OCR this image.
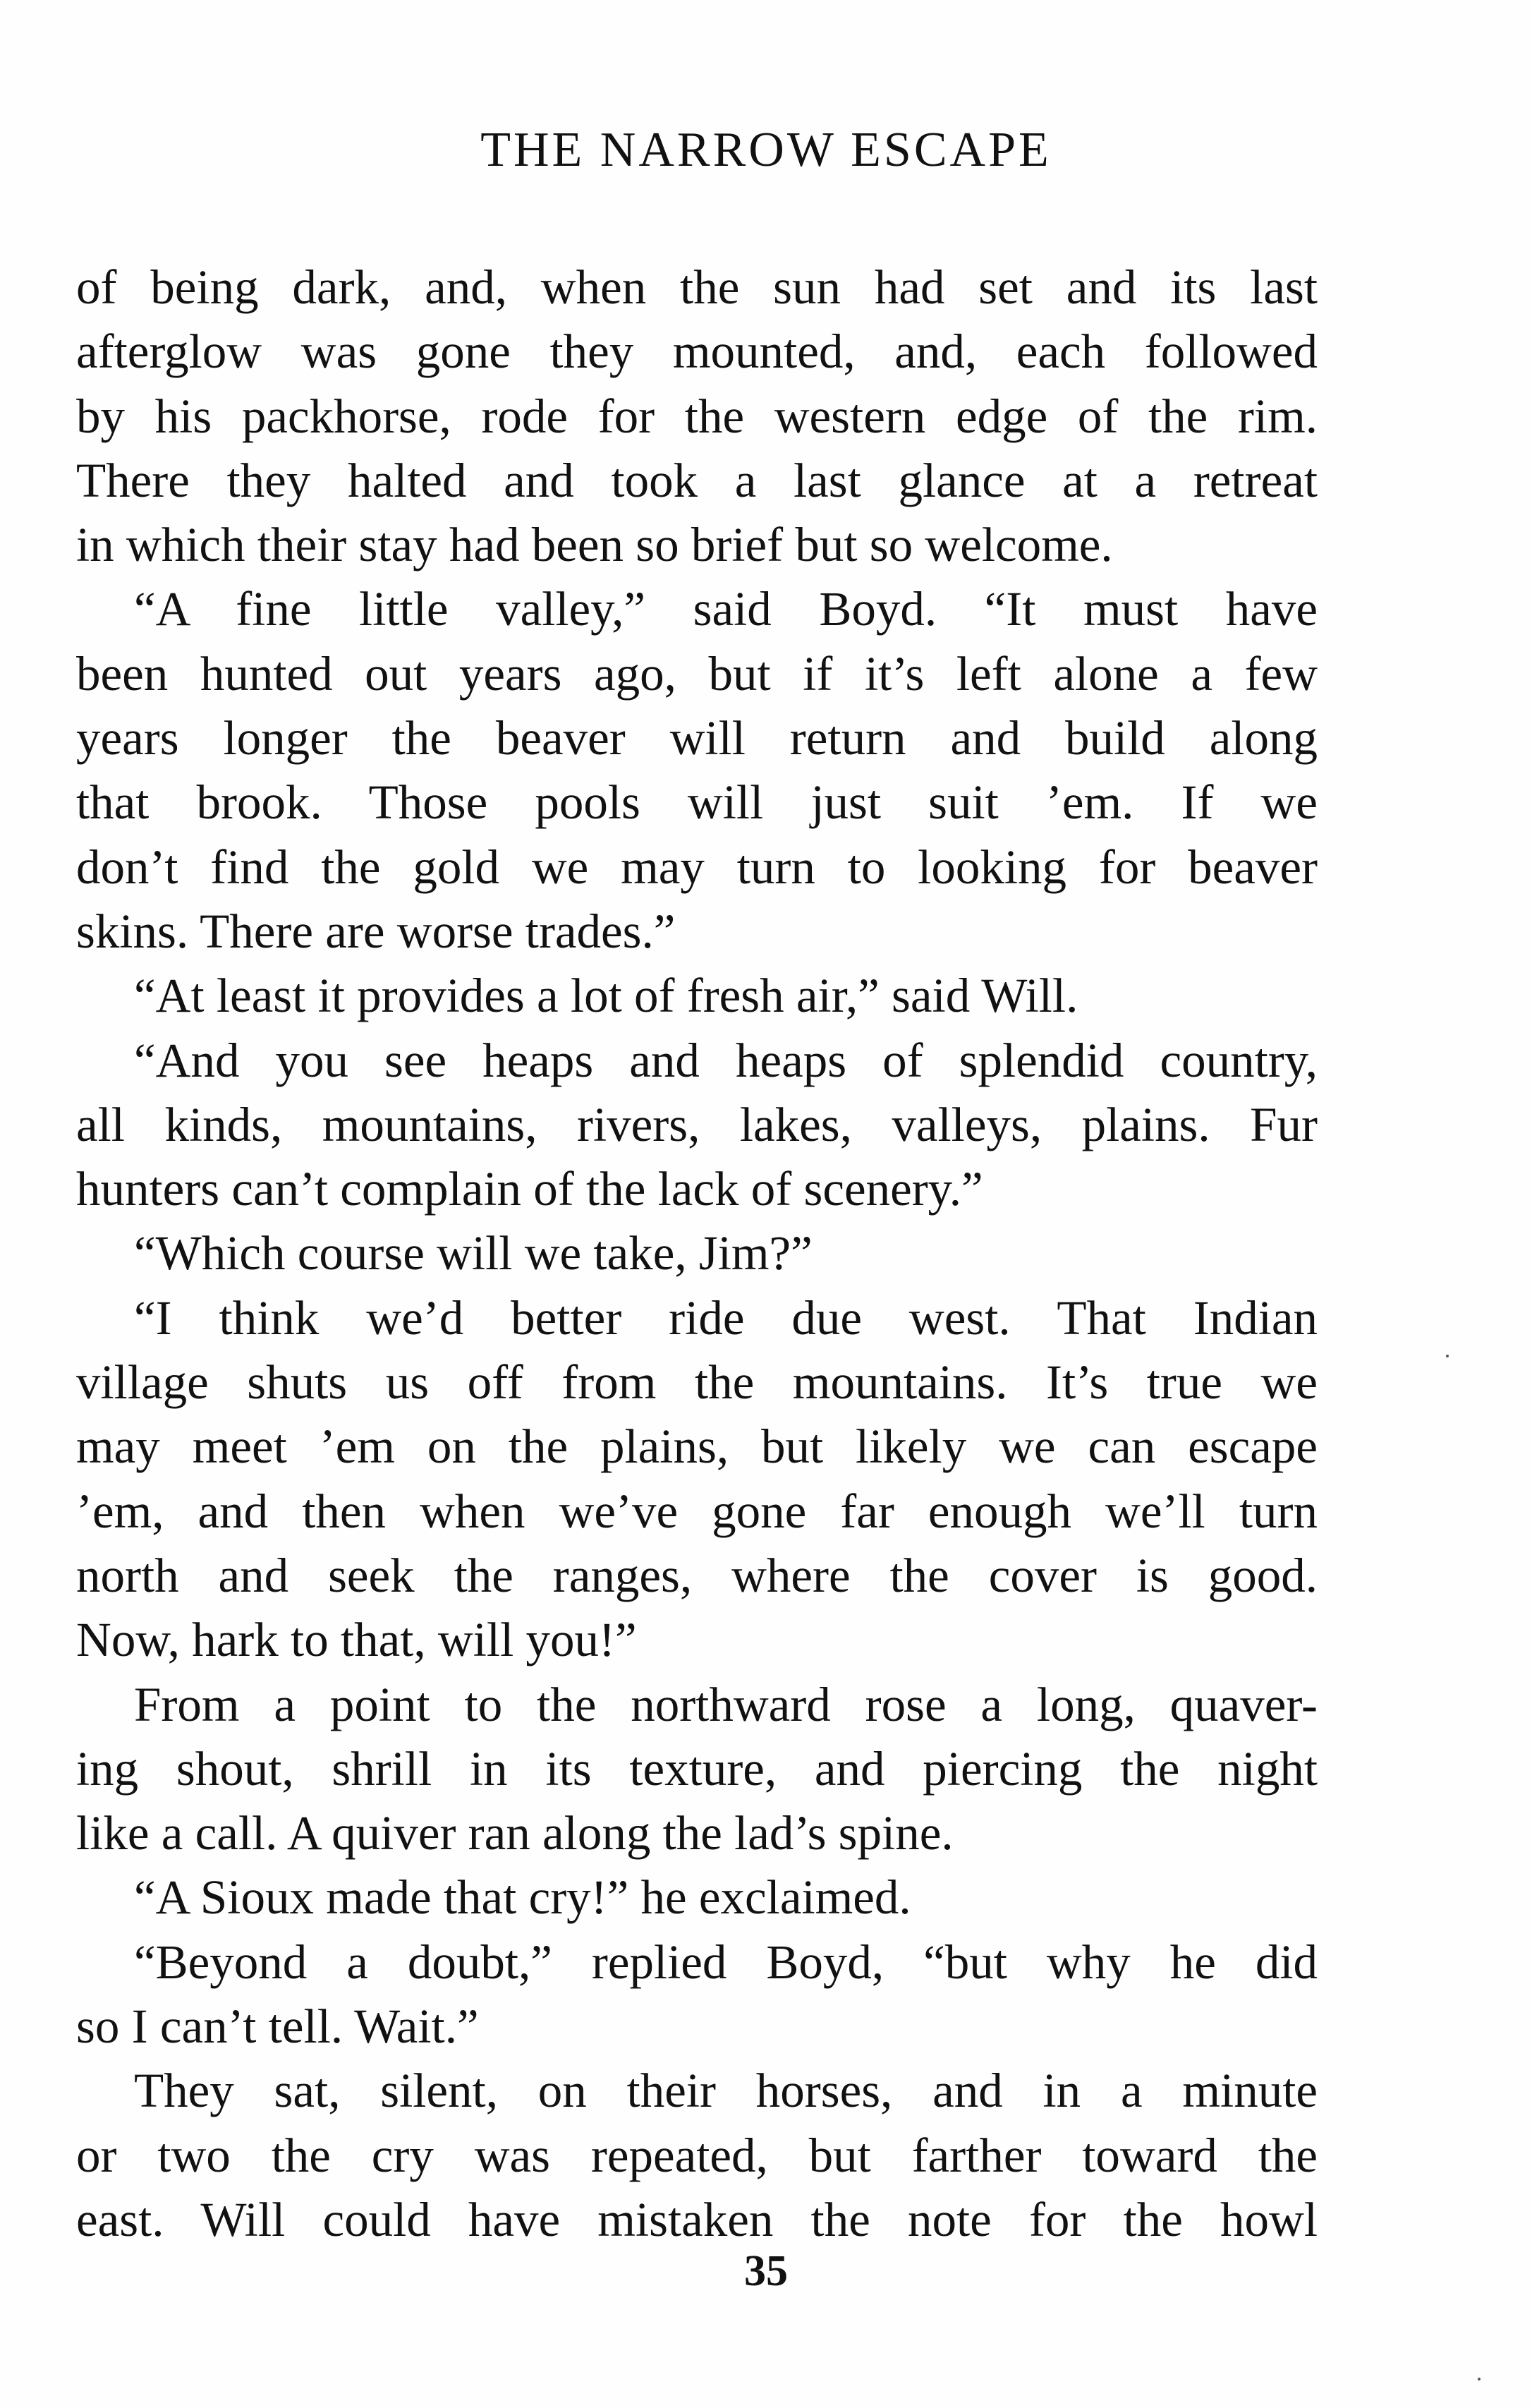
THE NARROW ESCAPE
of being dark, and, when the sun had set and its last
afterglow was gone they mounted, and, each followed
by his packhorse, rode for the western edge of the rim.
There they halted and took a last glance at a retreat
in which their stay had been so brief but so welcome.
“A fine little valley,” said Boyd. “It must have
been hunted out years ago, but if it’s left alone a few
years longer the beaver will return and build along
that brook. Those pools will just suit ’em. If we
don’t find the gold we may turn to looking for beaver
skins. There are worse trades.”
“At least it provides a lot of fresh air,” said Will.
“And you see heaps and heaps of splendid country,
all kinds, mountains, rivers, lakes, valleys, plains. Fur
hunters can’t complain of the lack of scenery.”
“Which course will we take, Jim?”
“I think we’d better ride due west. That Indian
village shuts us off from the mountains. It’s true we
may meet ’em on the plains, but likely we can escape
’em, and then when we’ve gone far enough we’ll turn
north and seek the ranges, where the cover is good.
Now, hark to that, will you!”
From a point to the northward rose a long, quaver-
ing shout, shrill in its texture, and piercing the night
like a call. A quiver ran along the lad’s spine.
“A Sioux made that cry!” he exclaimed.
“Beyond a doubt,” replied Boyd, “but why he did
so I can’t tell. Wait.”
They sat, silent, on their horses, and in a minute
or two the cry was repeated, but farther toward the
east. Will could have mistaken the note for the howl
35
